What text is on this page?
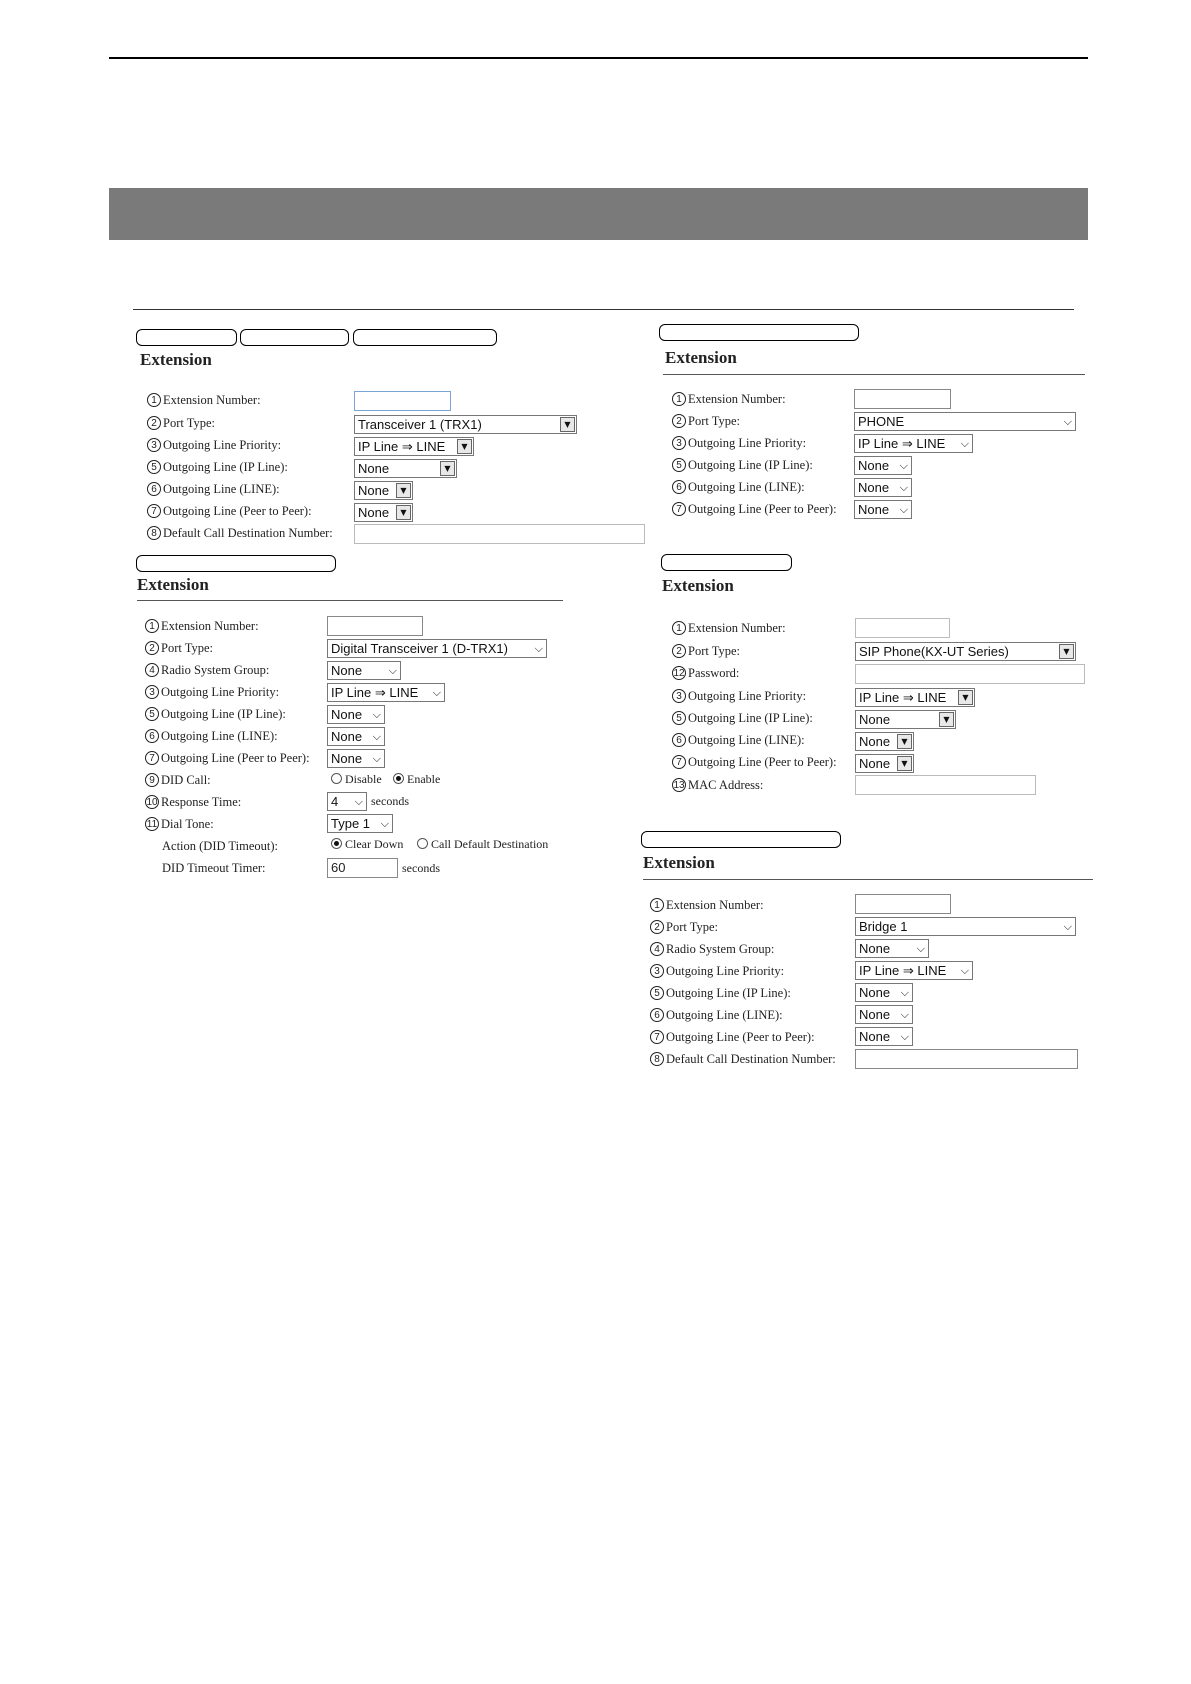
Extension
1 Extension Number:
2 Port Type:	Transceiver 1 (TRX1)	▼
3 Outgoing Line Priority:	IP Line ⇒ LINE	▼
5 Outgoing Line (IP Line):	None	▼
6 Outgoing Line (LINE):	None	▼
7 Outgoing Line (Peer to Peer):	None	▼
8 Default Call Destination Number:
Extension
1 Extension Number:
2 Port Type:	PHONE	⌵
3 Outgoing Line Priority:	IP Line ⇒ LINE ⌵
5 Outgoing Line (IP Line):	None ⌵
6 Outgoing Line (LINE):	None ⌵
7 Outgoing Line (Peer to Peer):	None ⌵
Extension
1 Extension Number:
2 Port Type:	Digital Transceiver 1 (D-TRX1) ⌵
4 Radio System Group:	None ⌵
3 Outgoing Line Priority:	IP Line ⇒ LINE ⌵
5 Outgoing Line (IP Line):	None ⌵
6 Outgoing Line (LINE):	None ⌵
7 Outgoing Line (Peer to Peer):	None ⌵
9 DID Call:	Disable	Enable
10 Response Time:	4 ⌵ seconds
11 Dial Tone:	Type 1 ⌵
Action (DID Timeout):	Clear Down	Call Default Destination
DID Timeout Timer:	60	seconds
Extension
1 Extension Number:
2 Port Type:	SIP Phone(KX-UT Series)	▼
12 Password:
3 Outgoing Line Priority:	IP Line ⇒ LINE	▼
5 Outgoing Line (IP Line):	None	▼
6 Outgoing Line (LINE):	None	▼
7 Outgoing Line (Peer to Peer):	None	▼
13 MAC Address:
Extension
1 Extension Number:
2 Port Type:	Bridge 1	⌵
4 Radio System Group:	None ⌵
3 Outgoing Line Priority:	IP Line ⇒ LINE ⌵
5 Outgoing Line (IP Line):	None ⌵
6 Outgoing Line (LINE):	None ⌵
7 Outgoing Line (Peer to Peer):	None ⌵
8 Default Call Destination Number:
